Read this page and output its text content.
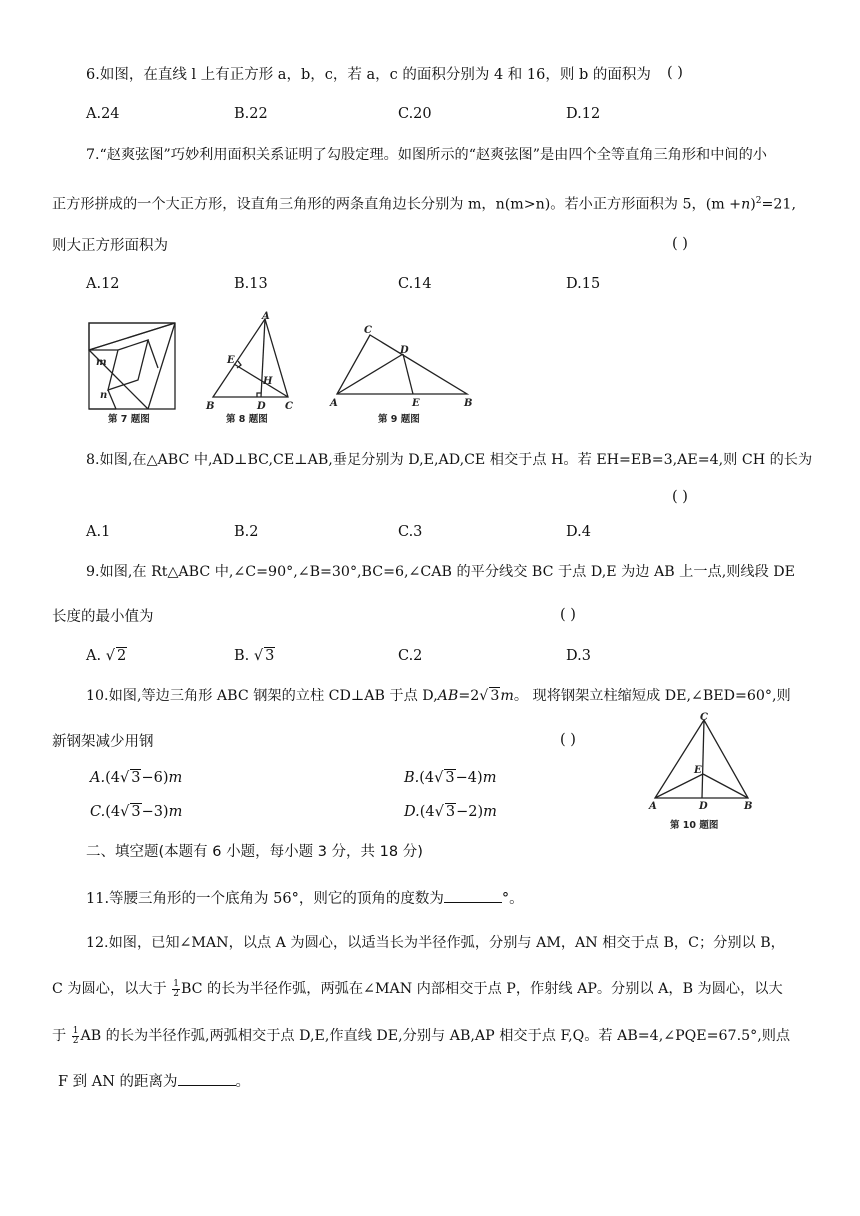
6.如图，在直线 l 上有正方形 a，b，c，若 a，c 的面积分别为 4 和 16，则 b 的面积为 ( )
A.24	B.22	C.20	D.12
7.“赵爽弦图”巧妙利用面积关系证明了勾股定理。如图所示的“赵爽弦图”是由四个全等直角三角形和中间的小
正方形拼成的一个大正方形，设直角三角形的两条直角边长分别为 m，n(m>n)。若小正方形面积为 5，$(m +n)^2=21$,
则大正方形面积为	( )
A.12	B.13	C.14	D.15
m
n
第 7 题图
A
B	C
D
E
H
第 8 题图
C
D
A	E	B
第 9 题图
8.如图,在△ABC 中,AD⊥BC,CE⊥AB,垂足分别为 D,E,AD,CE 相交于点 H。若 EH=EB=3,AE=4,则 CH 的长为
( )
A.1	B.2	C.3	D.4
9.如图,在 Rt△ABC 中,∠C=90°,∠B=30°,BC=6,∠CAB 的平分线交 BC 于点 D,E 为边 AB 上一点,则线段 DE
长度的最小值为	( )
A. √ 2	B. √ 3	C.2	D.3
10.如图,等边三角形 ABC 钢架的立柱 CD⊥AB 于点 D,AB=2√ 3m。 现将钢架立柱缩短成 DE,∠BED=60°,则
新钢架减少用钢	( )
A.(4√ 3−6)m	B.(4√ 3−4)m
C.(4√ 3−3)m	D.(4√ 3−2)m
C
E
A	D	B
第 10 题图
二、填空题(本题有 6 小题，每小题 3 分，共 18 分)
11.等腰三角形的一个底角为 56°，则它的顶角的度数为	°。
12.如图，已知∠MAN，以点 A 为圆心，以适当长为半径作弧，分别与 AM，AN 相交于点 B，C；分别以 B，
C 为圆心，以大于 $\frac{1}{2}$ BC 的长为半径作弧，两弧在∠MAN 内部相交于点 P，作射线 AP。分别以 A，B 为圆心，以大
于 $\frac{1}{2}$ AB 的长为半径作弧,两弧相交于点 D,E,作直线 DE,分别与 AB,AP 相交于点 F,Q。若 AB=4,∠PQE=67.5°,则点
F 到 AN 的距离为	。
